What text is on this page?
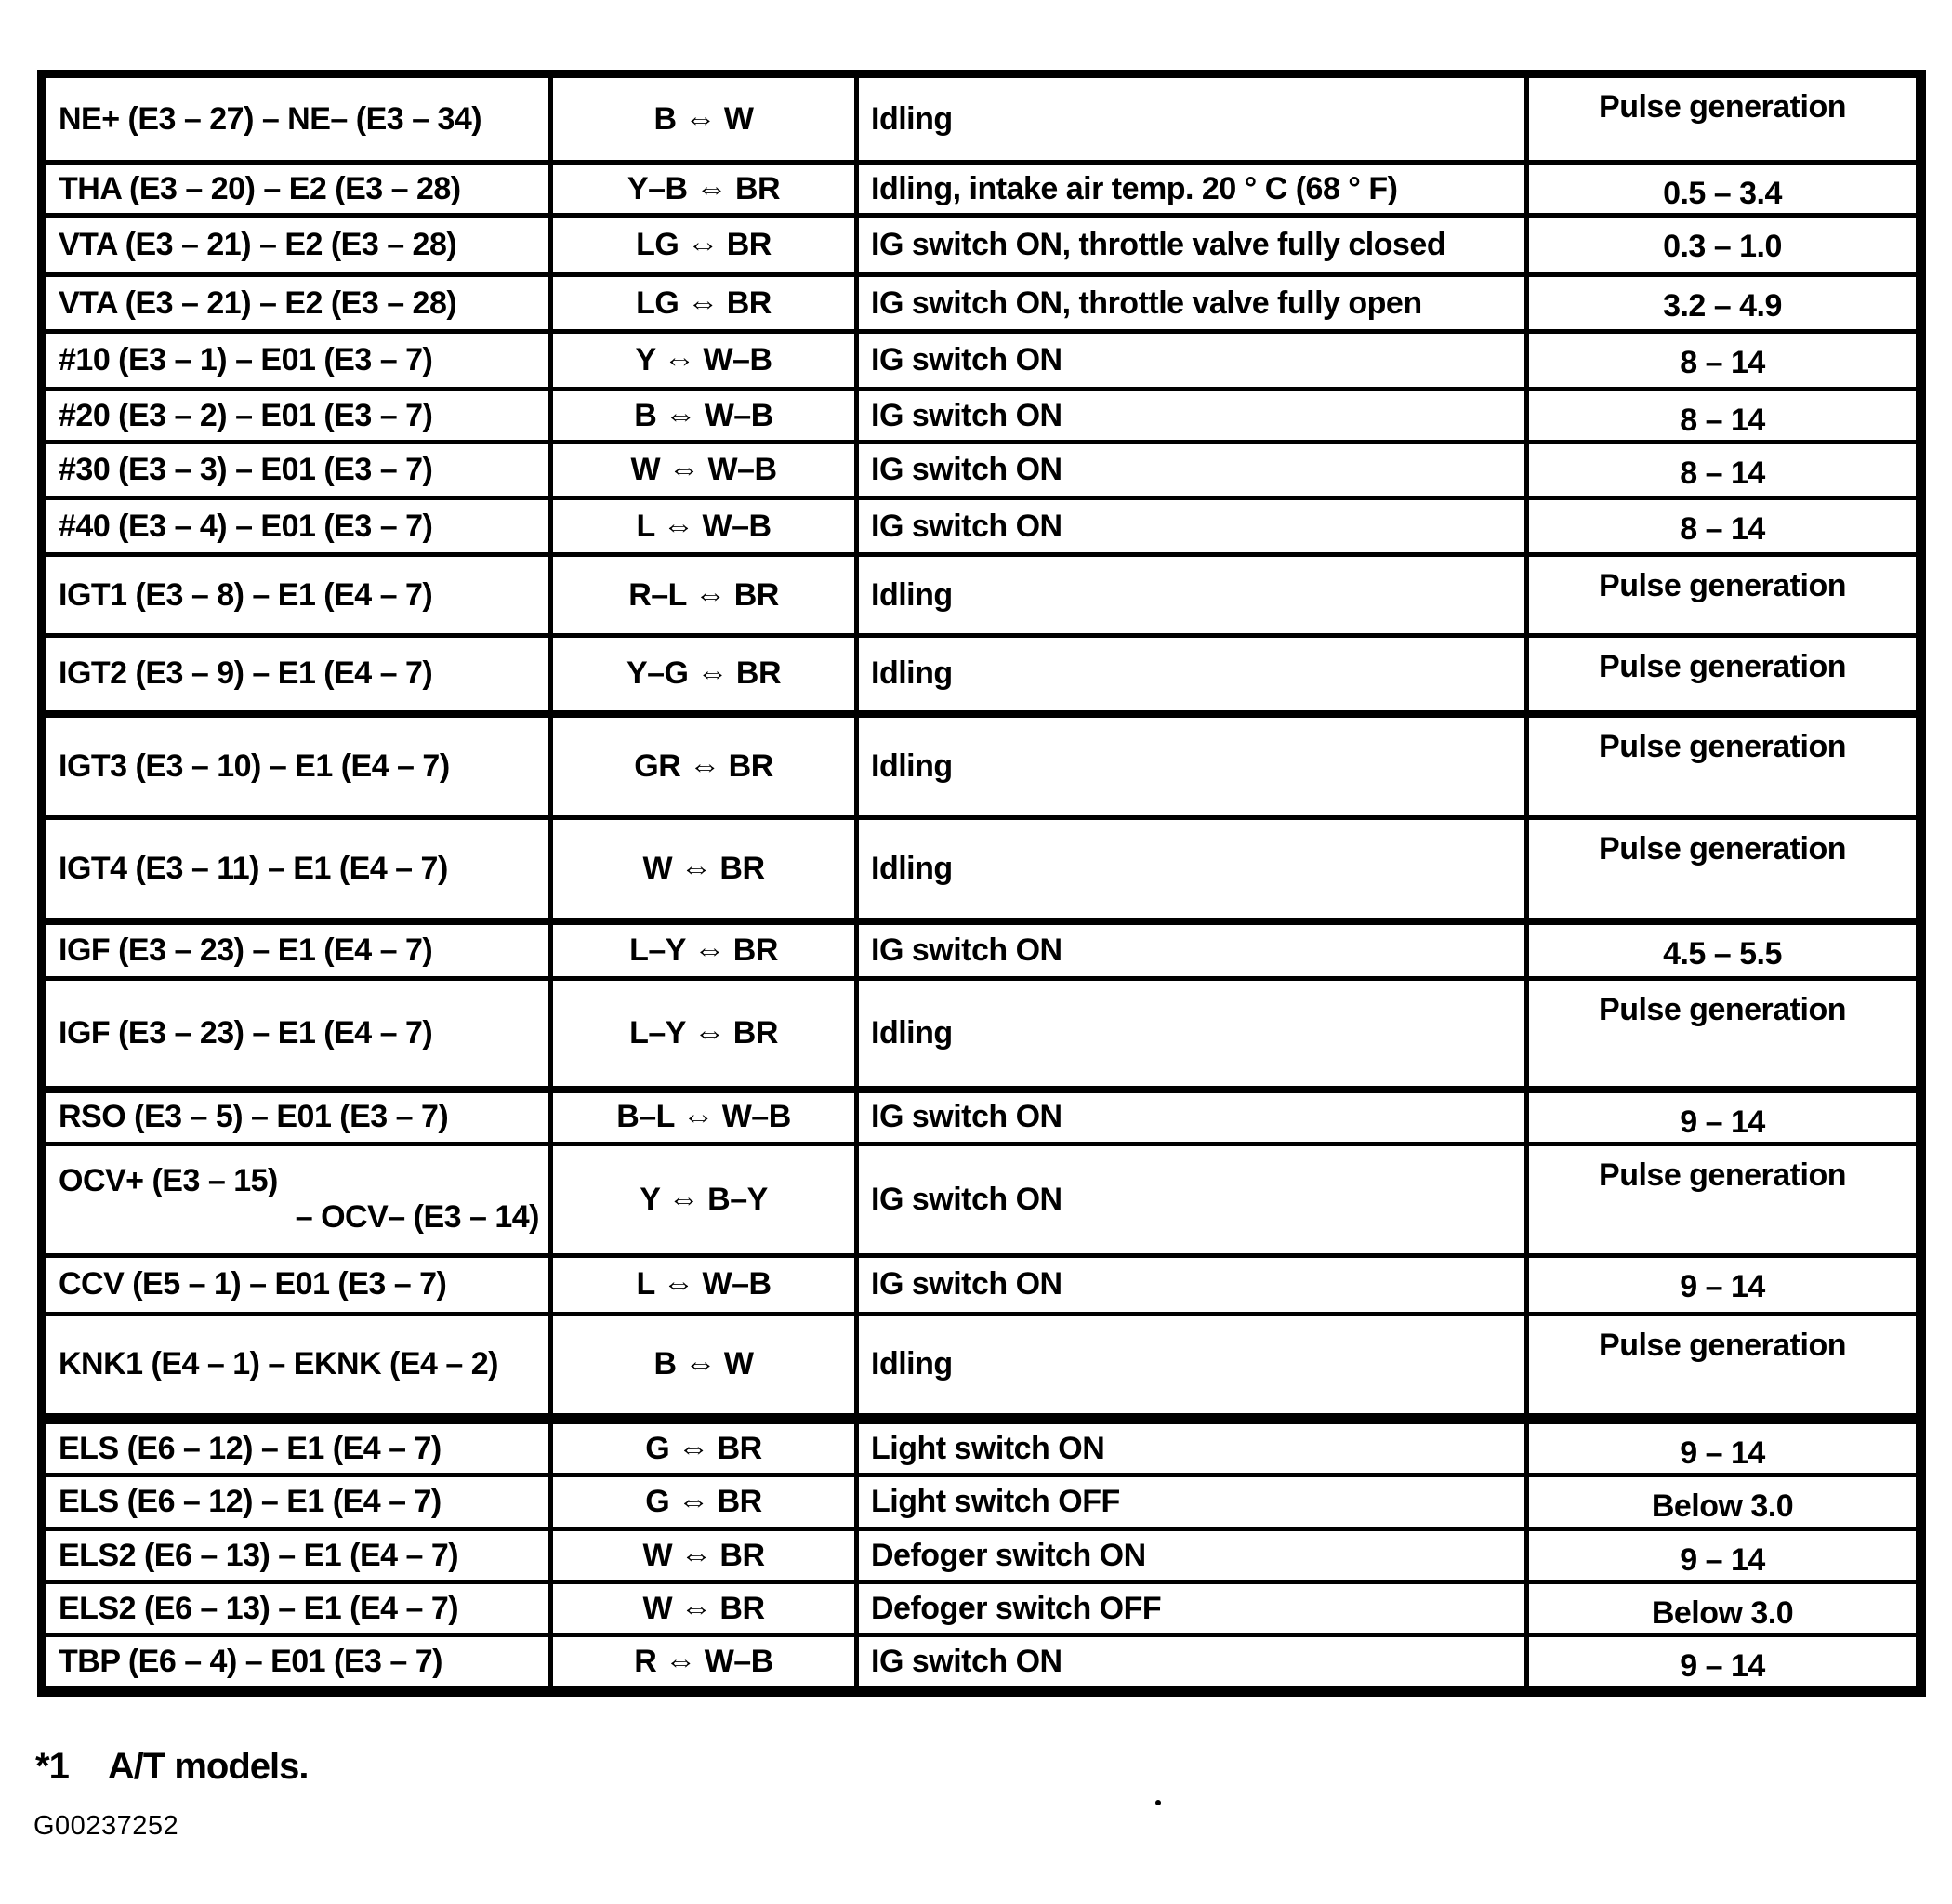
NE+ (E3 – 27) – NE– (E3 – 34)	B ⇔ W	Idling	Pulse generation

THA (E3 – 20) – E2 (E3 – 28)	Y–B ⇔ BR	Idling, intake air temp. 20 ° C (68 ° F)	0.5 – 3.4

VTA (E3 – 21) – E2 (E3 – 28)	LG ⇔ BR	IG switch ON, throttle valve fully closed	0.3 – 1.0

VTA (E3 – 21) – E2 (E3 – 28)	LG ⇔ BR	IG switch ON, throttle valve fully open	3.2 – 4.9

#10 (E3 – 1) – E01 (E3 – 7)	Y ⇔ W–B	IG switch ON	8 – 14

#20 (E3 – 2) – E01 (E3 – 7)	B ⇔ W–B	IG switch ON	8 – 14

#30 (E3 – 3) – E01 (E3 – 7)	W ⇔ W–B	IG switch ON	8 – 14

#40 (E3 – 4) – E01 (E3 – 7)	L ⇔ W–B	IG switch ON	8 – 14

IGT1 (E3 – 8) – E1 (E4 – 7)	R–L ⇔ BR	Idling	Pulse generation

IGT2 (E3 – 9) – E1 (E4 – 7)	Y–G ⇔ BR	Idling	Pulse generation

IGT3 (E3 – 10) – E1 (E4 – 7)	GR ⇔ BR	Idling	Pulse generation

IGT4 (E3 – 11) – E1 (E4 – 7)	W ⇔ BR	Idling	Pulse generation

IGF (E3 – 23) – E1 (E4 – 7)	L–Y ⇔ BR	IG switch ON	4.5 – 5.5

IGF (E3 – 23) – E1 (E4 – 7)	L–Y ⇔ BR	Idling	Pulse generation

RSO (E3 – 5) – E01 (E3 – 7)	B–L ⇔ W–B	IG switch ON	9 – 14

OCV+ (E3 – 15)
– OCV– (E3 – 14)	Y ⇔ B–Y	IG switch ON	Pulse generation

CCV (E5 – 1) – E01 (E3 – 7)	L ⇔ W–B	IG switch ON	9 – 14

KNK1 (E4 – 1) – EKNK (E4 – 2)	B ⇔ W	Idling	Pulse generation

ELS (E6 – 12) – E1 (E4 – 7)	G ⇔ BR	Light switch ON	9 – 14

ELS (E6 – 12) – E1 (E4 – 7)	G ⇔ BR	Light switch OFF	Below 3.0

ELS2 (E6 – 13) – E1 (E4 – 7)	W ⇔ BR	Defoger switch ON	9 – 14

ELS2 (E6 – 13) – E1 (E4 – 7)	W ⇔ BR	Defoger switch OFF	Below 3.0

TBP (E6 – 4) – E01 (E3 – 7)	R ⇔ W–B	IG switch ON	9 – 14
*1 A/T models.
G00237252
